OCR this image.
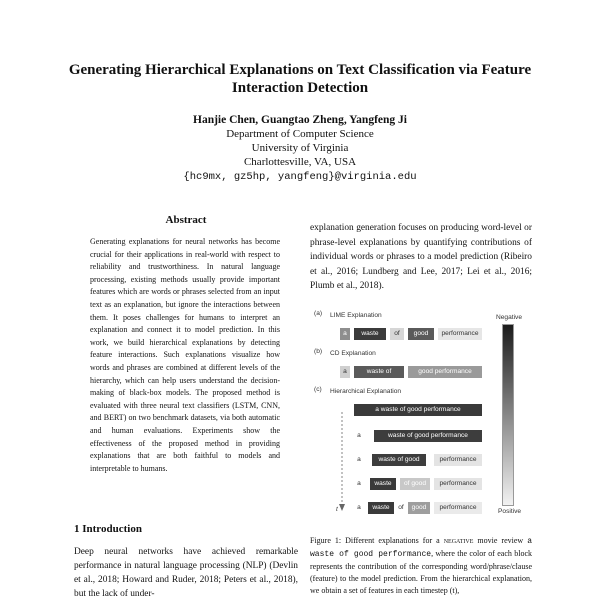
Generating Hierarchical Explanations on Text Classification via Feature Interaction Detection
Hanjie Chen, Guangtao Zheng, Yangfeng Ji
Department of Computer Science
University of Virginia
Charlottesville, VA, USA
{hc9mx, gz5hp, yangfeng}@virginia.edu
Abstract
Generating explanations for neural networks has become crucial for their applications in real-world with respect to reliability and trustworthiness. In natural language processing, existing methods usually provide important features which are words or phrases selected from an input text as an explanation, but ignore the interactions between them. It poses challenges for humans to interpret an explanation and connect it to model prediction. In this work, we build hierarchical explanations by detecting feature interactions. Such explanations visualize how words and phrases are combined at different levels of the hierarchy, which can help users understand the decision-making of black-box models. The proposed method is evaluated with three neural text classifiers (LSTM, CNN, and BERT) on two benchmark datasets, via both automatic and human evaluations. Experiments show the effectiveness of the proposed method in providing explanations that are both faithful to models and interpretable to humans.
1 Introduction
Deep neural networks have achieved remarkable performance in natural language processing (NLP) (Devlin et al., 2018; Howard and Ruder, 2018; Peters et al., 2018), but the lack of under-
explanation generation focuses on producing word-level or phrase-level explanations by quantifying contributions of individual words or phrases to a model prediction (Ribeiro et al., 2016; Lundberg and Lee, 2017; Lei et al., 2016; Plumb et al., 2018).
(a) LIME Explanation
(b) CD Explanation
(c) Hierarchical Explanation
a	waste	of	good	performance
a	waste of	good performance
a waste of good performance
a	waste of good performance
a	waste of good	performance
a	waste	of good	performance
a	waste	of	good	performance
t
Negative
Positive
Figure 1: Different explanations for a negative movie review a waste of good performance, where the color of each block represents the contribution of the corresponding word/phrase/clause (feature) to the model prediction. From the hierarchical explanation, we obtain a set of features in each timestep (t),
